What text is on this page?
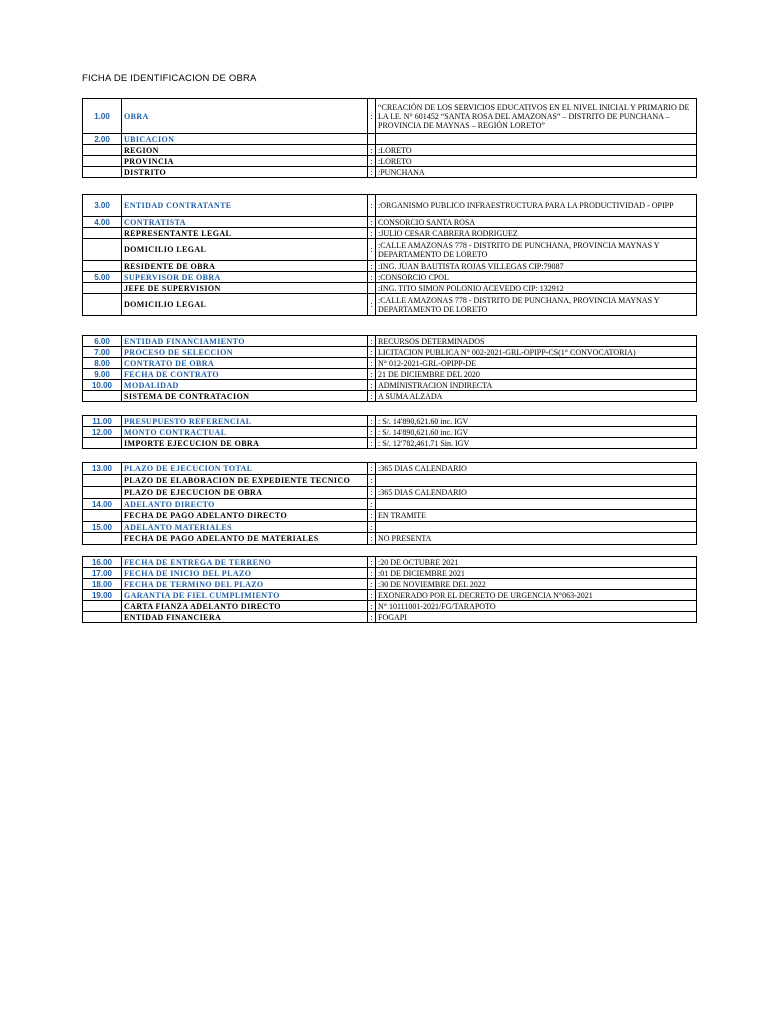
FICHA DE IDENTIFICACION DE OBRA
1.00	OBRA	:	“CREACIÓN DE LOS SERVICIOS EDUCATIVOS EN EL NIVEL INICIAL Y PRIMARIO DE LA I.E. N° 601452 “SANTA ROSA DEL AMAZONAS” – DISTRITO DE PUNCHANA – PROVINCIA DE MAYNAS – REGIÓN LORETO”
2.00	UBICACION		
	REGION	:	:LORETO
	PROVINCIA	:	:LORETO
	DISTRITO	:	:PUNCHANA
3.00	ENTIDAD CONTRATANTE	:	:ORGANISMO PUBLICO INFRAESTRUCTURA PARA LA PRODUCTIVIDAD - OPIPP
4.00	CONTRATISTA	:	CONSORCIO SANTA ROSA
	REPRESENTANTE LEGAL	:	:JULIO CESAR CABRERA RODRIGUEZ
	DOMICILIO LEGAL	:	:CALLE AMAZONAS 778 - DISTRITO DE PUNCHANA, PROVINCIA MAYNAS Y DEPARTAMENTO DE LORETO
	RESIDENTE DE OBRA	:	:ING. JUAN BAUTISTA ROJAS VILLEGAS CIP:79087
5.00	SUPERVISOR DE OBRA	:	:CONSORCIO CPOL
	JEFE DE SUPERVISION		:ING. TITO SIMON POLONIO ACEVEDO CIP: 132912
	DOMICILIO LEGAL	:	:CALLE AMAZONAS 778 - DISTRITO DE PUNCHANA, PROVINCIA MAYNAS Y DEPARTAMENTO DE LORETO
6.00	ENTIDAD FINANCIAMIENTO	:	RECURSOS DETERMINADOS
7.00	PROCESO DE SELECCION	:	LICITACION PUBLICA N° 002-2021-GRL-OPIPP-CS(1° CONVOCATORIA)
8.00	CONTRATO DE OBRA	:	N° 012-2021-GRL-OPIPP-DE
9.00	FECHA DE CONTRATO	:	21 DE DICIEMBRE DEL 2020
10.00	MODALIDAD	:	ADMINISTRACION INDIRECTA
	SISTEMA DE CONTRATACION	:	A SUMA ALZADA
11.00	PRESUPUESTO REFERENCIAL	:	: S/. 14'890,621.60 inc. IGV
12.00	MONTO CONTRACTUAL	:	: S/. 14'890,621.60 inc. IGV
	IMPORTE EJECUCION DE OBRA	:	: S/. 12'782,461.71 Sin. IGV
13.00	PLAZO DE EJECUCION TOTAL	:	:365 DIAS CALENDARIO
	PLAZO DE ELABORACION DE EXPEDIENTE TECNICO	:	
	PLAZO DE EJECUCION DE OBRA	:	:365 DIAS CALENDARIO
14.00	ADELANTO DIRECTO	:	
	FECHA DE PAGO ADELANTO DIRECTO	:	EN TRAMITE
15.00	ADELANTO MATERIALES	:	
	FECHA DE PAGO ADELANTO DE MATERIALES	:	NO PRESENTA
16.00	FECHA DE ENTREGA DE TERRENO	:	:20 DE OCTUBRE 2021
17.00	FECHA DE INICIO DEL PLAZO	:	:01 DE DICIEMBRE 2021
18.00	FECHA DE TERMINO DEL PLAZO	:	:30 DE NOVIEMBRE DEL 2022
19.00	GARANTIA DE FIEL CUMPLIMIENTO	:	EXONERADO POR EL DECRETO DE URGENCIA N°063-2021
	CARTA FIANZA ADELANTO DIRECTO	:	N° 10111001-2021/FG/TARAPOTO
	ENTIDAD FINANCIERA	:	FOGAPI
